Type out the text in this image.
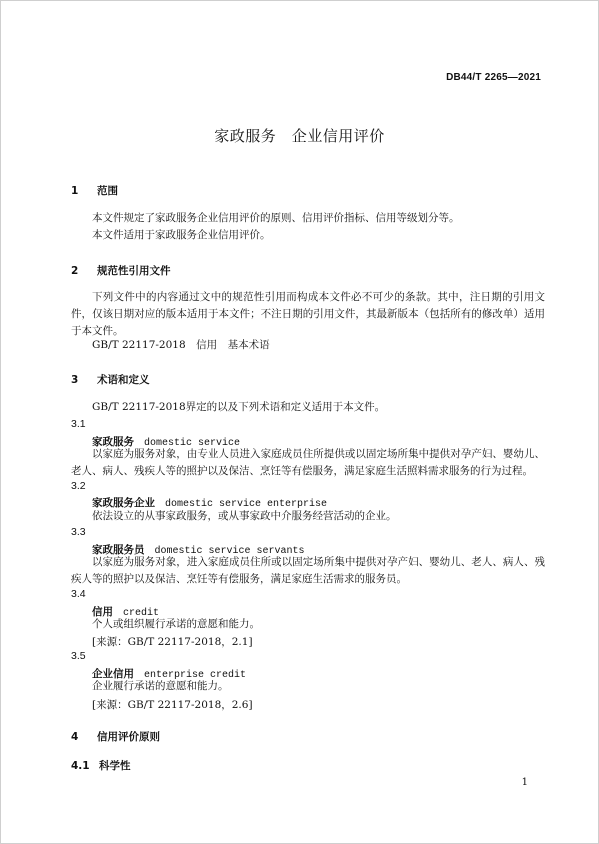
DB44/T 2265—2021
家政服务　企业信用评价
1 范围
本文件规定了家政服务企业信用评价的原则、信用评价指标、信用等级划分等。
本文件适用于家政服务企业信用评价。
2 规范性引用文件
下列文件中的内容通过文中的规范性引用而构成本文件必不可少的条款。其中，注日期的引用文件，仅该日期对应的版本适用于本文件；不注日期的引用文件，其最新版本（包括所有的修改单）适用于本文件。
GB/T 22117-2018　信用　基本术语
3 术语和定义
GB/T 22117-2018界定的以及下列术语和定义适用于本文件。
3.1
家政服务 domestic service
以家庭为服务对象，由专业人员进入家庭成员住所提供或以固定场所集中提供对孕产妇、婴幼儿、老人、病人、残疾人等的照护以及保洁、烹饪等有偿服务，满足家庭生活照料需求服务的行为过程。
3.2
家政服务企业 domestic service enterprise
依法设立的从事家政服务，或从事家政中介服务经营活动的企业。
3.3
家政服务员 domestic service servants
以家庭为服务对象，进入家庭成员住所或以固定场所集中提供对孕产妇、婴幼儿、老人、病人、残疾人等的照护以及保洁、烹饪等有偿服务，满足家庭生活需求的服务员。
3.4
信用 credit
个人或组织履行承诺的意愿和能力。
[来源：GB/T 22117-2018，2.1]
3.5
企业信用 enterprise credit
企业履行承诺的意愿和能力。
[来源：GB/T 22117-2018，2.6]
4 信用评价原则
4.1 科学性
1
